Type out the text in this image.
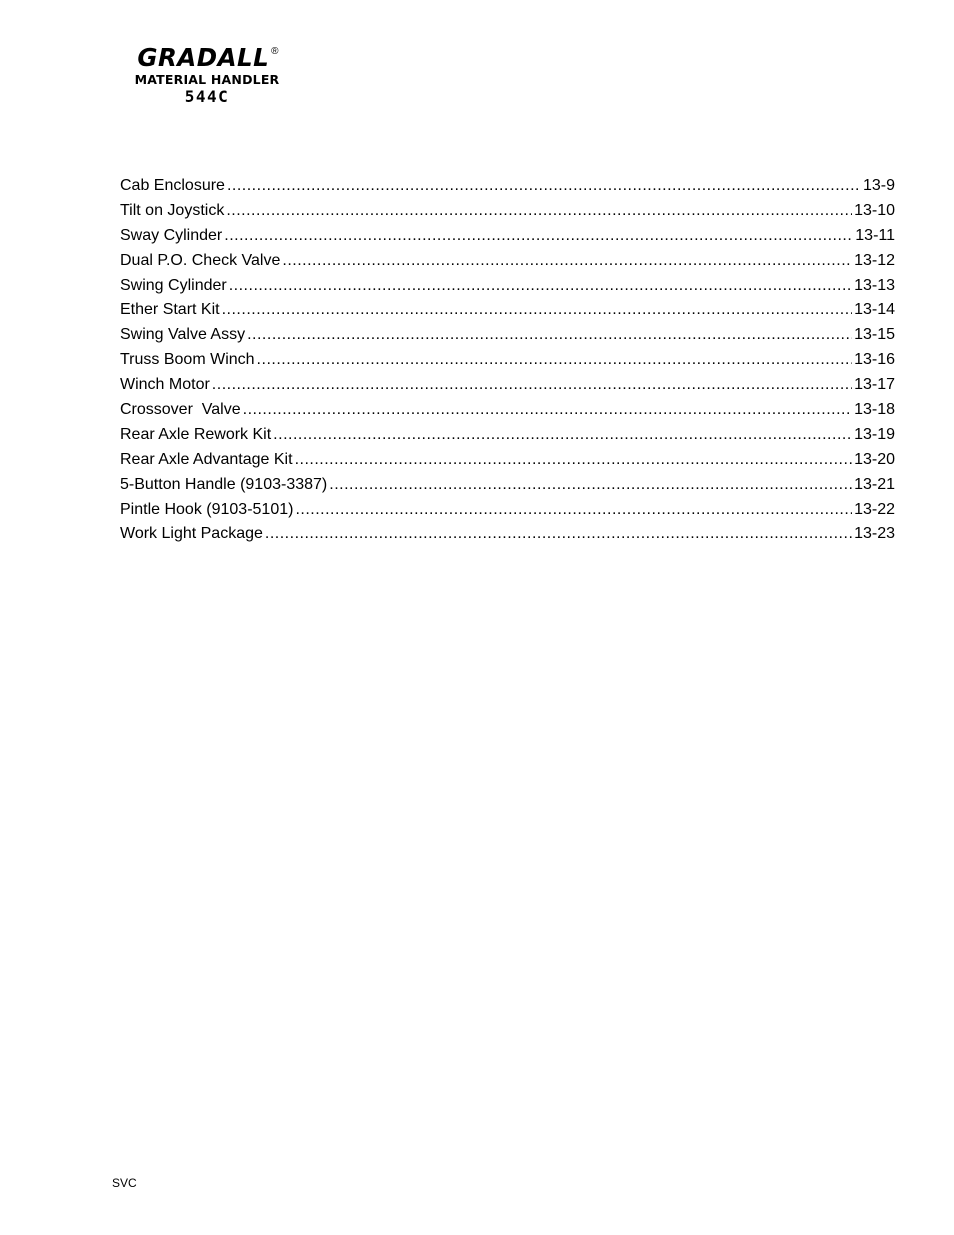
GRADALL ®
MATERIAL HANDLER
544C
Cab Enclosure .....	13-9
Tilt on Joystick .....	13-10
Sway Cylinder .....	13-11
Dual P.O. Check Valve .....	13-12
Swing Cylinder .....	13-13
Ether Start Kit .....	13-14
Swing Valve Assy .....	13-15
Truss Boom Winch .....	13-16
Winch Motor .....	13-17
Crossover  Valve .....	13-18
Rear Axle Rework Kit .....	13-19
Rear Axle Advantage Kit .....	13-20
5-Button Handle (9103-3387) .....	13-21
Pintle Hook (9103-5101) .....	13-22
Work Light Package .....	13-23
SVC
